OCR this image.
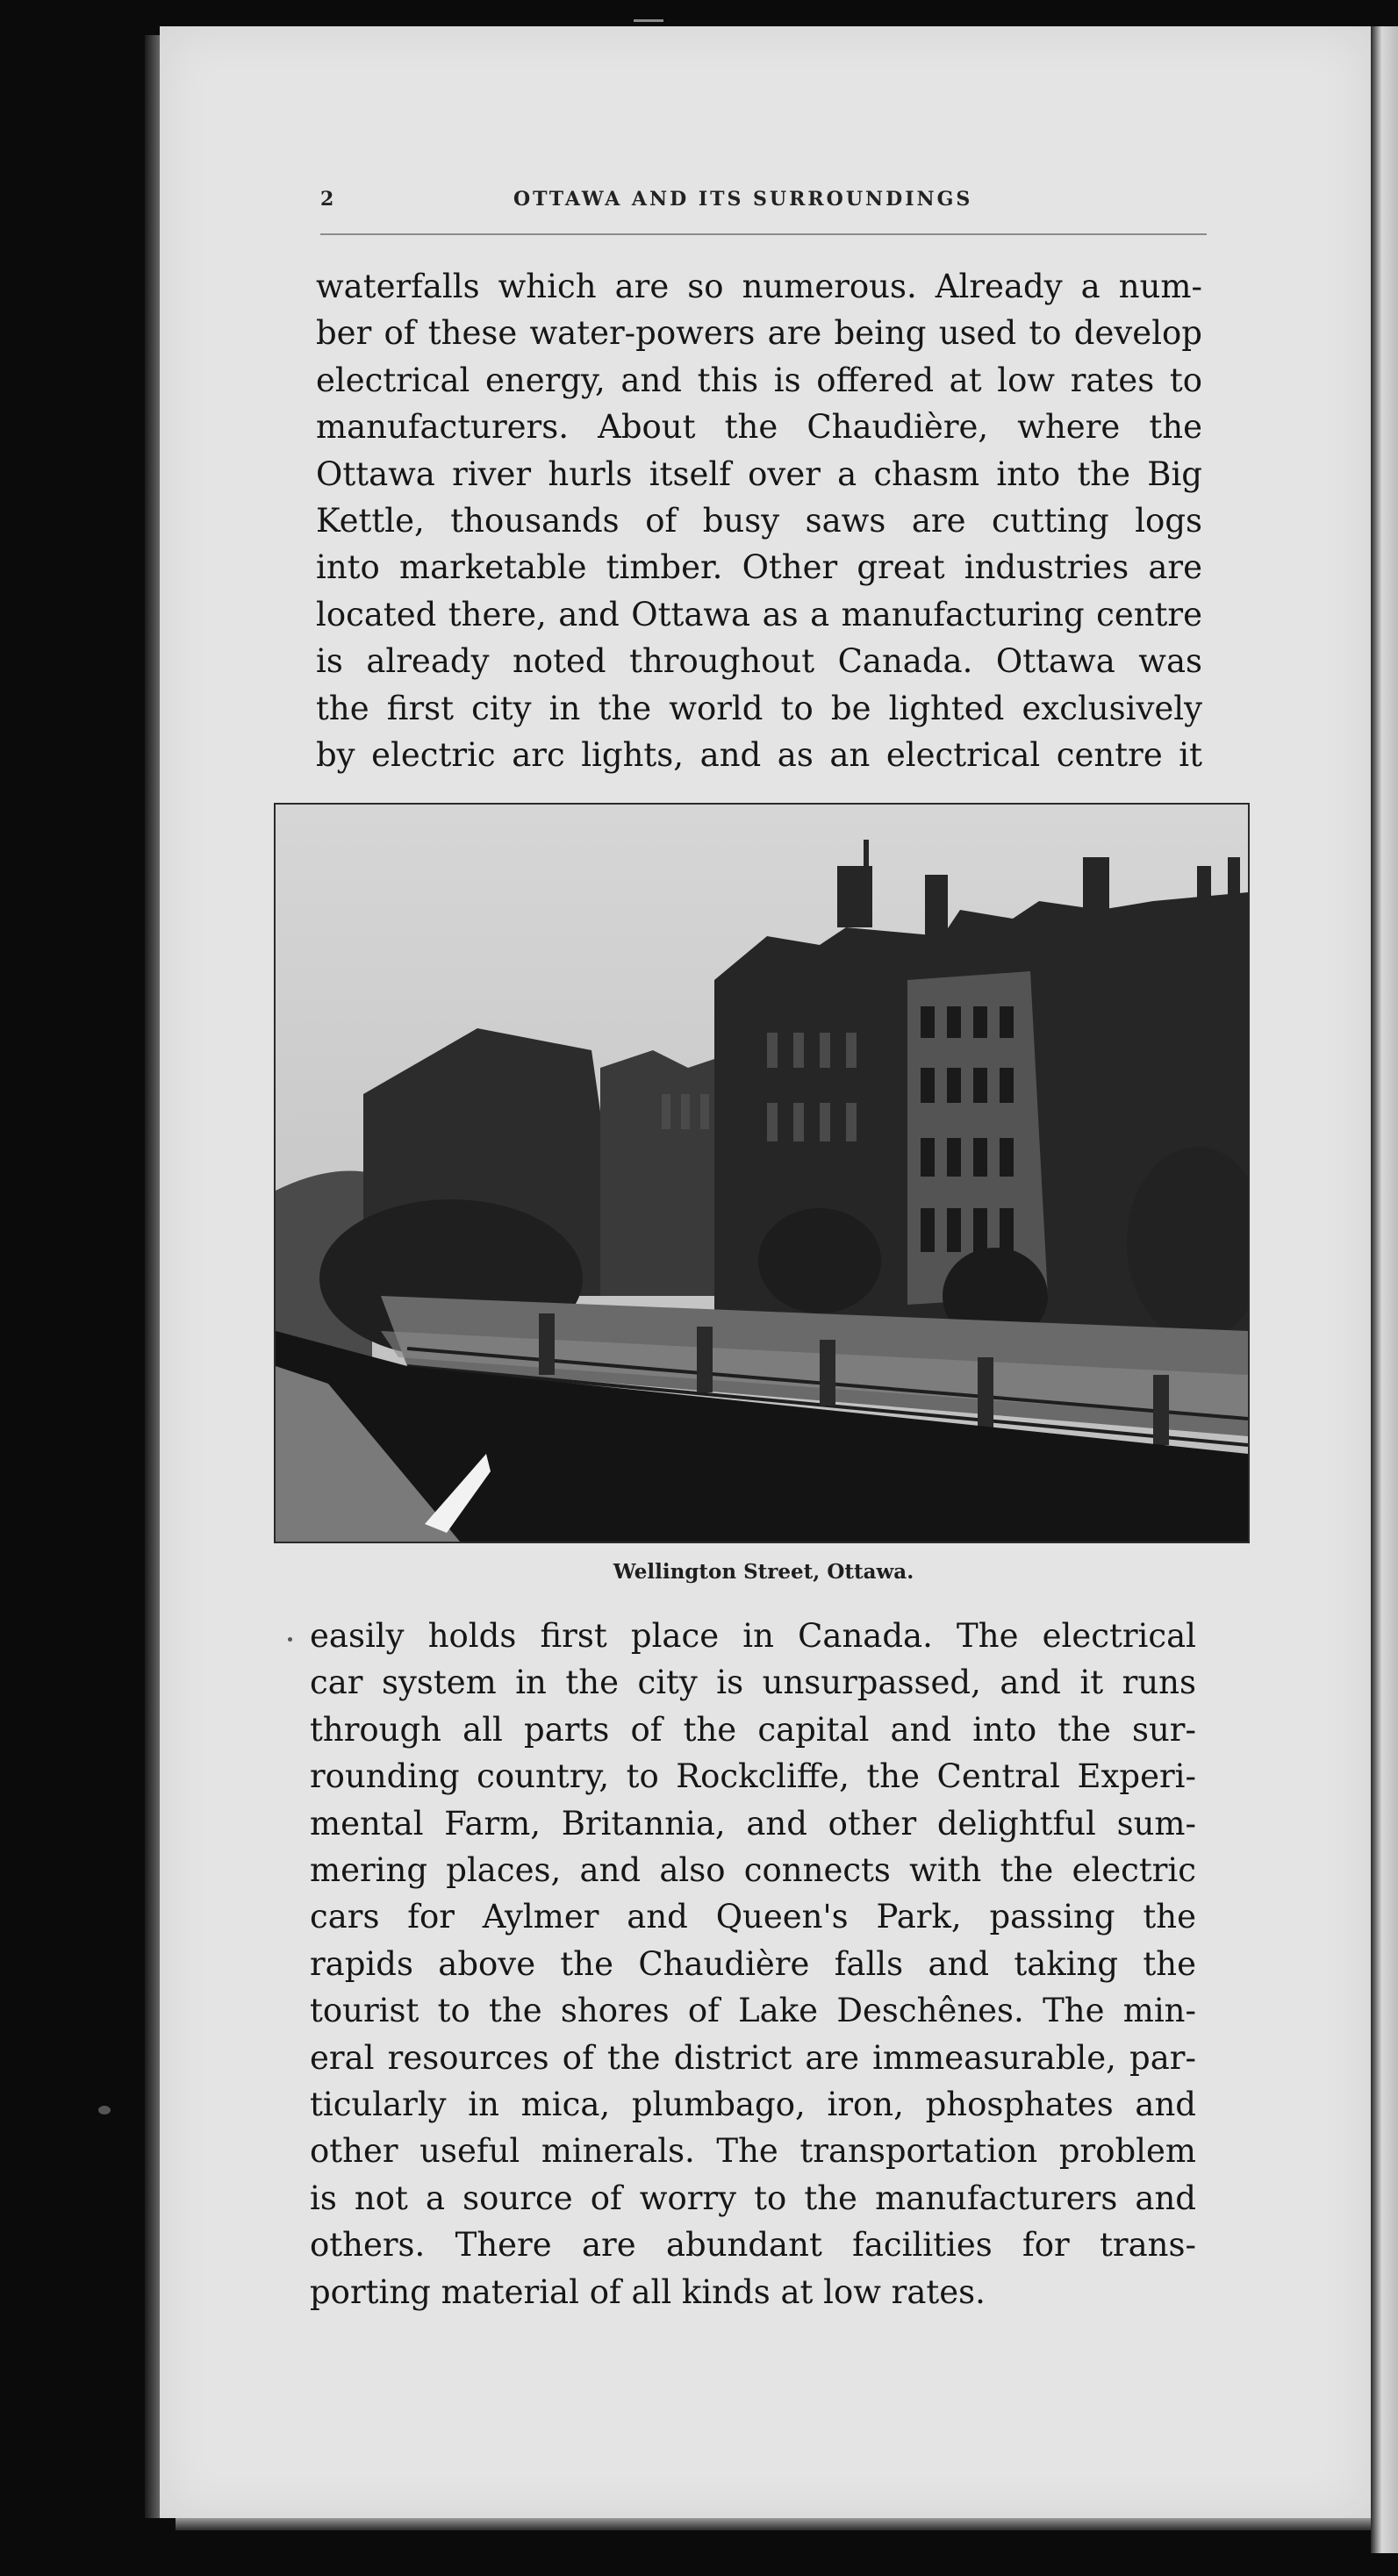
2	OTTAWA AND ITS SURROUNDINGS
waterfalls which are so numerous. Already a num-
ber of these water-powers are being used to develop
electrical energy, and this is offered at low rates to
manufacturers. About the Chaudière, where the
Ottawa river hurls itself over a chasm into the Big
Kettle, thousands of busy saws are cutting logs
into marketable timber. Other great industries are
located there, and Ottawa as a manufacturing centre
is already noted throughout Canada. Ottawa was
the first city in the world to be lighted exclusively
by electric arc lights, and as an electrical centre it
Wellington Street, Ottawa.
easily holds first place in Canada. The electrical
car system in the city is unsurpassed, and it runs
through all parts of the capital and into the sur-
rounding country, to Rockcliffe, the Central Experi-
mental Farm, Britannia, and other delightful sum-
mering places, and also connects with the electric
cars for Aylmer and Queen's Park, passing the
rapids above the Chaudière falls and taking the
tourist to the shores of Lake Deschênes. The min-
eral resources of the district are immeasurable, par-
ticularly in mica, plumbago, iron, phosphates and
other useful minerals. The transportation problem
is not a source of worry to the manufacturers and
others. There are abundant facilities for trans-
porting material of all kinds at low rates.
